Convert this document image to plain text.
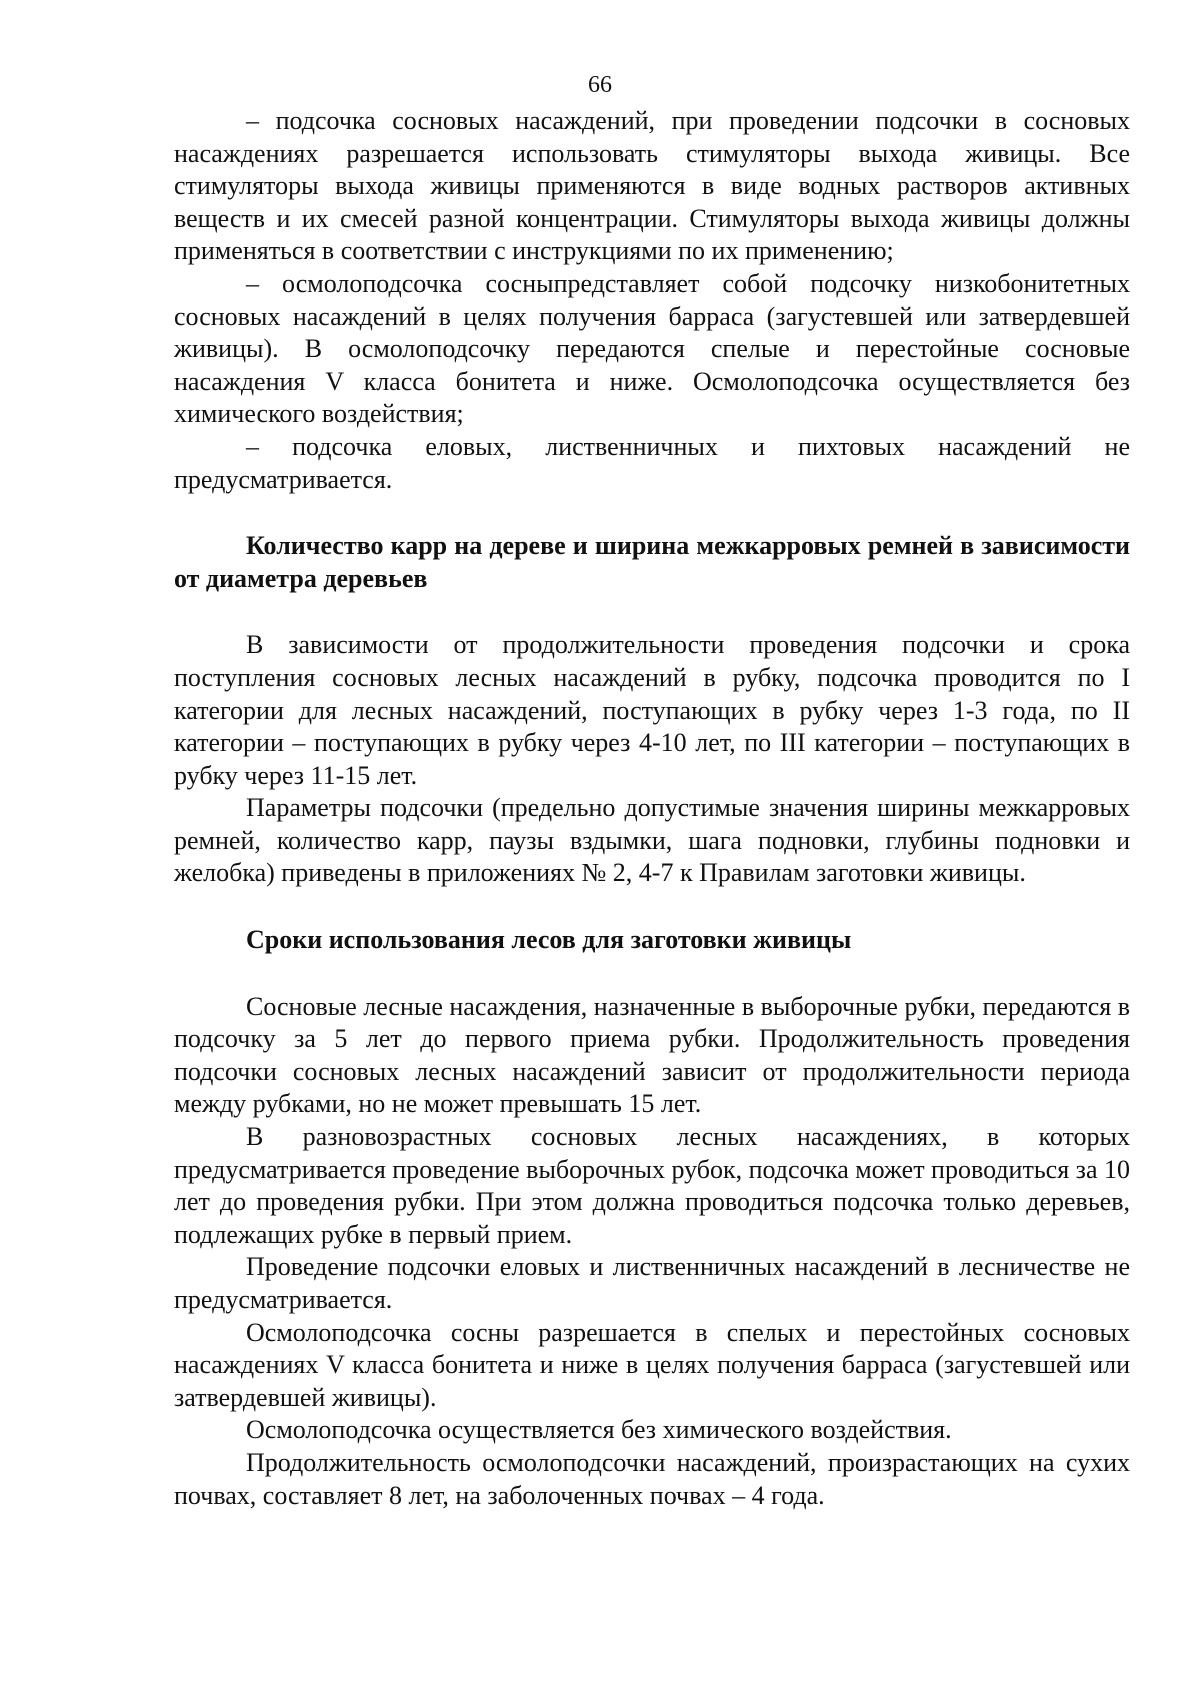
66

– подсочка сосновых насаждений, при проведении подсочки в сосновых насаждениях разрешается использовать стимуляторы выхода живицы. Все стимуляторы выхода живицы применяются в виде водных растворов активных веществ и их смесей разной концентрации. Стимуляторы выхода живицы должны применяться в соответствии с инструкциями по их применению;

– осмолоподсочка сосныпредставляет собой подсочку низкобонитетных сосновых насаждений в целях получения барраса (загустевшей или затвердевшей живицы). В осмолоподсочку передаются спелые и перестойные сосновые насаждения V класса бонитета и ниже. Осмолоподсочка осуществляется без химического воздействия;

– подсочка еловых, лиственничных и пихтовых насаждений не предусматривается.

Количество карр на дереве и ширина межкарровых ремней в зависимости от диаметра деревьев

В зависимости от продолжительности проведения подсочки и срока поступления сосновых лесных насаждений в рубку, подсочка проводится по I категории для лесных насаждений, поступающих в рубку через 1-3 года, по II категории – поступающих в рубку через 4-10 лет, по III категории – поступающих в рубку через 11-15 лет.

Параметры подсочки (предельно допустимые значения ширины межкарровых ремней, количество карр, паузы вздымки, шага подновки, глубины подновки и желобка) приведены в приложениях № 2, 4-7 к Правилам заготовки живицы.

Сроки использования лесов для заготовки живицы

Сосновые лесные насаждения, назначенные в выборочные рубки, передаются в подсочку за 5 лет до первого приема рубки. Продолжительность проведения подсочки сосновых лесных насаждений зависит от продолжительности периода между рубками, но не может превышать 15 лет.

В разновозрастных сосновых лесных насаждениях, в которых предусматривается проведение выборочных рубок, подсочка может проводиться за 10 лет до проведения рубки. При этом должна проводиться подсочка только деревьев, подлежащих рубке в первый прием.

Проведение подсочки еловых и лиственничных насаждений в лесничестве не предусматривается.

Осмолоподсочка сосны разрешается в спелых и перестойных сосновых насаждениях V класса бонитета и ниже в целях получения барраса (загустевшей или затвердевшей живицы).

Осмолоподсочка осуществляется без химического воздействия.

Продолжительность осмолоподсочки насаждений, произрастающих на сухих почвах, составляет 8 лет, на заболоченных почвах – 4 года.
